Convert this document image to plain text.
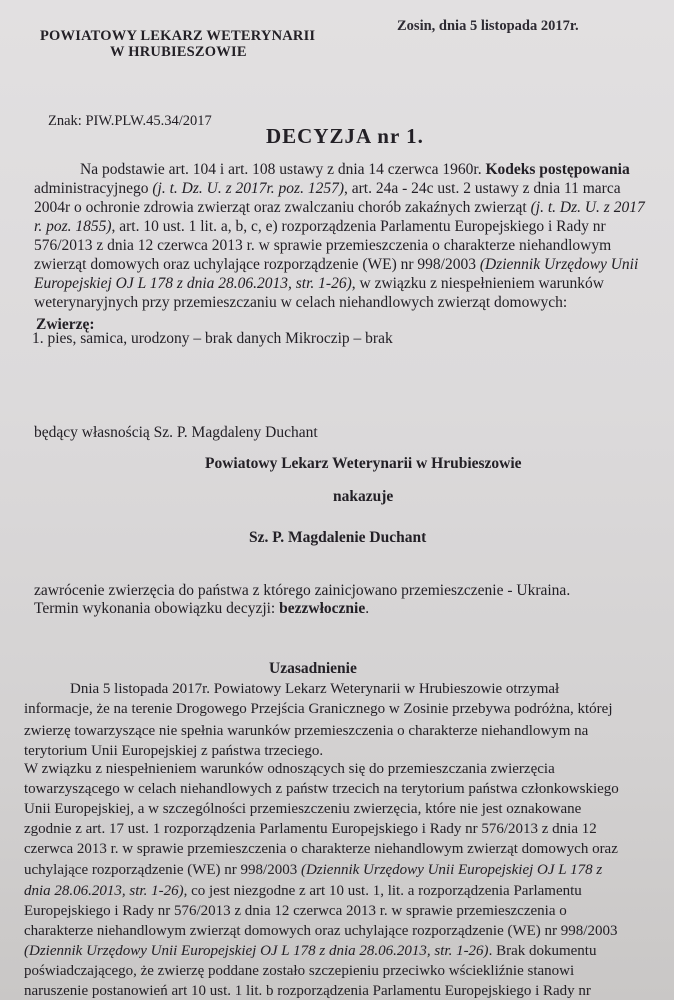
POWIATOWY LEKARZ WETERYNARII
W HRUBIESZOWIE
Zosin, dnia 5 listopada 2017r.
Znak: PIW.PLW.45.34/2017
DECYZJA nr 1.
Na podstawie art. 104 i art. 108 ustawy z dnia 14 czerwca 1960r. Kodeks postępowania
administracyjnego (j. t. Dz. U. z 2017r. poz. 1257), art. 24a - 24c ust. 2 ustawy z dnia 11 marca
2004r o ochronie zdrowia zwierząt oraz zwalczaniu chorób zakaźnych zwierząt (j. t. Dz. U. z 2017
r. poz. 1855), art. 10 ust. 1 lit. a, b, c, e) rozporządzenia Parlamentu Europejskiego i Rady nr
576/2013 z dnia 12 czerwca 2013 r. w sprawie przemieszczenia o charakterze niehandlowym
zwierząt domowych oraz uchylające rozporządzenie (WE) nr 998/2003 (Dziennik Urzędowy Unii
Europejskiej OJ L 178 z dnia 28.06.2013, str. 1-26), w związku z niespełnieniem warunków
weterynaryjnych przy przemieszczaniu w celach niehandlowych zwierząt domowych:
Zwierzę:
1. pies, samica, urodzony – brak danych Mikroczip – brak
będący własnością Sz. P. Magdaleny Duchant
Powiatowy Lekarz Weterynarii w Hrubieszowie
nakazuje
Sz. P. Magdalenie Duchant
zawrócenie zwierzęcia do państwa z którego zainicjowano przemieszczenie - Ukraina.
Termin wykonania obowiązku decyzji: bezzwłocznie.
Uzasadnienie
Dnia 5 listopada 2017r. Powiatowy Lekarz Weterynarii w Hrubieszowie otrzymał
informacje, że na terenie Drogowego Przejścia Granicznego w Zosinie przebywa podróżna, której
zwierzę towarzyszące nie spełnia warunków przemieszczenia o charakterze niehandlowym na
terytorium Unii Europejskiej z państwa trzeciego.
W związku z niespełnieniem warunków odnoszących się do przemieszczania zwierzęcia
towarzyszącego w celach niehandlowych z państw trzecich na terytorium państwa członkowskiego
Unii Europejskiej, a w szczególności przemieszczeniu zwierzęcia, które nie jest oznakowane
zgodnie z art. 17 ust. 1 rozporządzenia Parlamentu Europejskiego i Rady nr 576/2013 z dnia 12
czerwca 2013 r. w sprawie przemieszczenia o charakterze niehandlowym zwierząt domowych oraz
uchylające rozporządzenie (WE) nr 998/2003 (Dziennik Urzędowy Unii Europejskiej OJ L 178 z
dnia 28.06.2013, str. 1-26), co jest niezgodne z art 10 ust. 1, lit. a rozporządzenia Parlamentu
Europejskiego i Rady nr 576/2013 z dnia 12 czerwca 2013 r. w sprawie przemieszczenia o
charakterze niehandlowym zwierząt domowych oraz uchylające rozporządzenie (WE) nr 998/2003
(Dziennik Urzędowy Unii Europejskiej OJ L 178 z dnia 28.06.2013, str. 1-26). Brak dokumentu
poświadczającego, że zwierzę poddane zostało szczepieniu przeciwko wściekliźnie stanowi
naruszenie postanowień art 10 ust. 1 lit. b rozporządzenia Parlamentu Europejskiego i Rady nr
